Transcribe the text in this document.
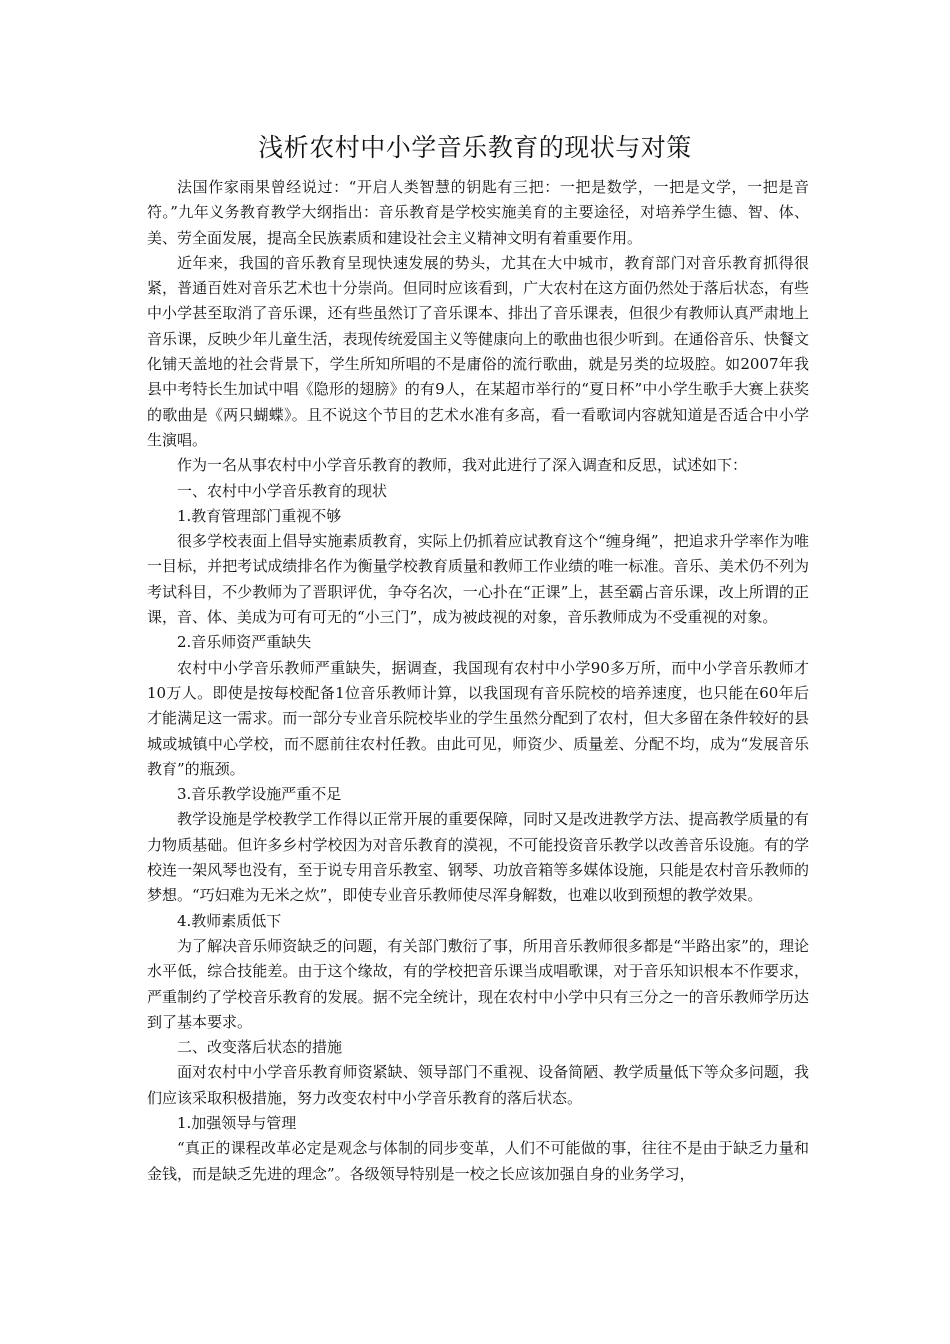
浅析农村中小学音乐教育的现状与对策

法国作家雨果曾经说过：“开启人类智慧的钥匙有三把：一把是数学，一把是文学，一把是音符。”九年义务教育教学大纲指出：音乐教育是学校实施美育的主要途径，对培养学生德、智、体、美、劳全面发展，提高全民族素质和建设社会主义精神文明有着重要作用。

近年来，我国的音乐教育呈现快速发展的势头，尤其在大中城市，教育部门对音乐教育抓得很紧，普通百姓对音乐艺术也十分崇尚。但同时应该看到，广大农村在这方面仍然处于落后状态，有些中小学甚至取消了音乐课，还有些虽然订了音乐课本、排出了音乐课表，但很少有教师认真严肃地上音乐课，反映少年儿童生活，表现传统爱国主义等健康向上的歌曲也很少听到。在通俗音乐、快餐文化铺天盖地的社会背景下，学生所知所唱的不是庸俗的流行歌曲，就是另类的垃圾腔。如2007年我县中考特长生加试中唱《隐形的翅膀》的有9人，在某超市举行的“夏日杯”中小学生歌手大赛上获奖的歌曲是《两只蝴蝶》。且不说这个节目的艺术水准有多高，看一看歌词内容就知道是否适合中小学生演唱。

作为一名从事农村中小学音乐教育的教师，我对此进行了深入调查和反思，试述如下：

一、农村中小学音乐教育的现状

1.教育管理部门重视不够

很多学校表面上倡导实施素质教育，实际上仍抓着应试教育这个“缠身绳”，把追求升学率作为唯一目标，并把考试成绩排名作为衡量学校教育质量和教师工作业绩的唯一标准。音乐、美术仍不列为考试科目，不少教师为了晋职评优，争夺名次，一心扑在“正课”上，甚至霸占音乐课，改上所谓的正课，音、体、美成为可有可无的“小三门”，成为被歧视的对象，音乐教师成为不受重视的对象。

2.音乐师资严重缺失

农村中小学音乐教师严重缺失，据调查，我国现有农村中小学90多万所，而中小学音乐教师才10万人。即使是按每校配备1位音乐教师计算，以我国现有音乐院校的培养速度，也只能在60年后才能满足这一需求。而一部分专业音乐院校毕业的学生虽然分配到了农村，但大多留在条件较好的县城或城镇中心学校，而不愿前往农村任教。由此可见，师资少、质量差、分配不均，成为“发展音乐教育”的瓶颈。

3.音乐教学设施严重不足

教学设施是学校教学工作得以正常开展的重要保障，同时又是改进教学方法、提高教学质量的有力物质基础。但许多乡村学校因为对音乐教育的漠视，不可能投资音乐教学以改善音乐设施。有的学校连一架风琴也没有，至于说专用音乐教室、钢琴、功放音箱等多媒体设施，只能是农村音乐教师的梦想。“巧妇难为无米之炊”，即使专业音乐教师使尽浑身解数，也难以收到预想的教学效果。

4.教师素质低下

为了解决音乐师资缺乏的问题，有关部门敷衍了事，所用音乐教师很多都是“半路出家”的，理论水平低，综合技能差。由于这个缘故，有的学校把音乐课当成唱歌课，对于音乐知识根本不作要求，严重制约了学校音乐教育的发展。据不完全统计，现在农村中小学中只有三分之一的音乐教师学历达到了基本要求。

二、改变落后状态的措施

面对农村中小学音乐教育师资紧缺、领导部门不重视、设备简陋、教学质量低下等众多问题，我们应该采取积极措施，努力改变农村中小学音乐教育的落后状态。

1.加强领导与管理

“真正的课程改革必定是观念与体制的同步变革，人们不可能做的事，往往不是由于缺乏力量和金钱，而是缺乏先进的理念”。各级领导特别是一校之长应该加强自身的业务学习，
